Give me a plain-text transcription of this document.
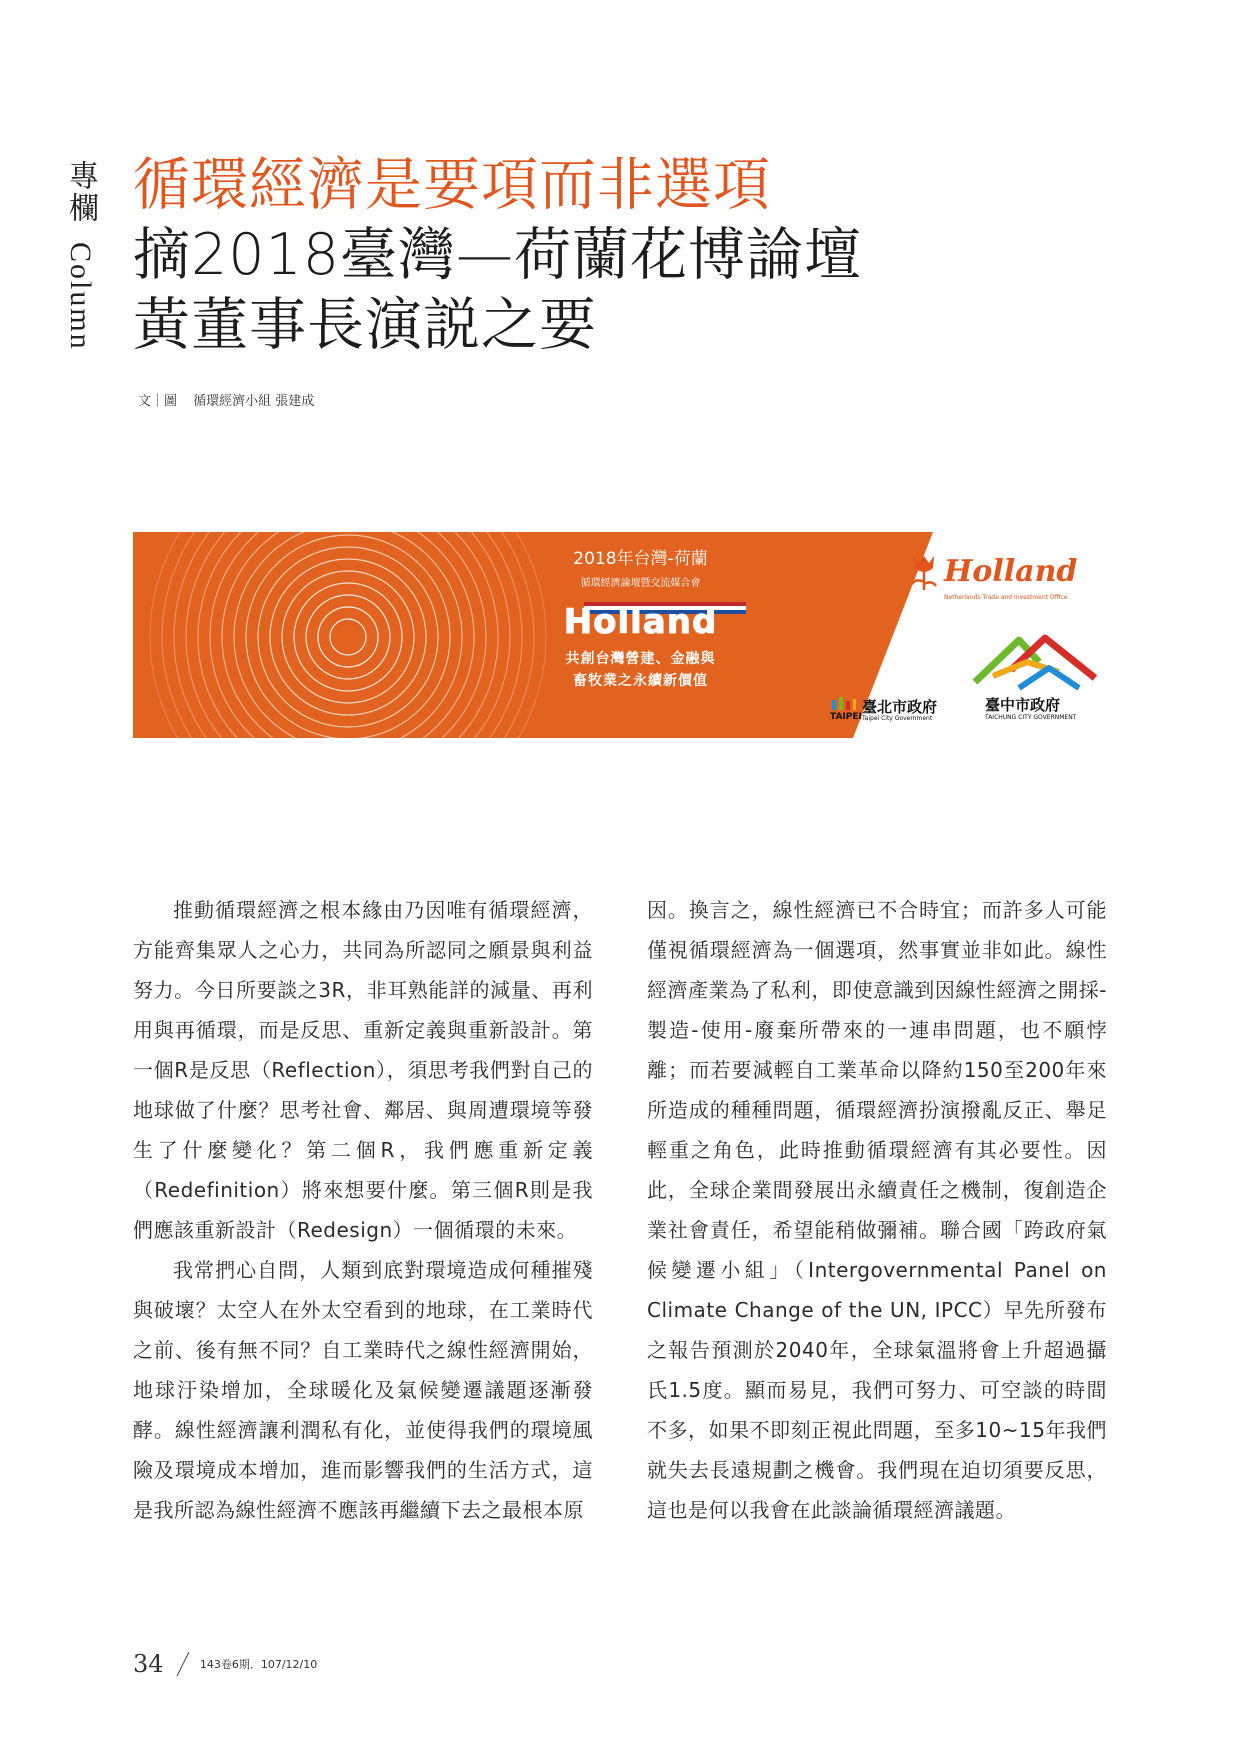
專欄 Column
循環經濟是要項而非選項
摘2018臺灣—荷蘭花博論壇
黃董事長演説之要
文｜圖 循環經濟小組 張建成
2018年台灣-荷蘭
循環經濟論壇暨交流媒合會
Holland
共創台灣營建、金融與
畜牧業之永續新價值
Holland
Netherlands Trade and Investment Office
臺中市政府
TAICHUNG CITY GOVERNMENT
TAIPEI
臺北市政府
Taipei City Government

推動循環經濟之根本緣由乃因唯有循環經濟，方能齊集眾人之心力，共同為所認同之願景與利益努力。今日所要談之3R，非耳熟能詳的減量、再利用與再循環，而是反思、重新定義與重新設計。第一個R是反思（Reflection），須思考我們對自己的地球做了什麼？思考社會、鄰居、與周遭環境等發生了什麼變化？第二個R，我們應重新定義（Redefinition）將來想要什麼。第三個R則是我們應該重新設計（Redesign）一個循環的未來。

我常捫心自問，人類到底對環境造成何種摧殘與破壞？太空人在外太空看到的地球，在工業時代之前、後有無不同？自工業時代之線性經濟開始，地球汙染增加，全球暖化及氣候變遷議題逐漸發酵。線性經濟讓利潤私有化，並使得我們的環境風險及環境成本增加，進而影響我們的生活方式，這是我所認為線性經濟不應該再繼續下去之最根本原

因。換言之，線性經濟已不合時宜；而許多人可能僅視循環經濟為一個選項，然事實並非如此。線性經濟產業為了私利，即使意識到因線性經濟之開採-製造-使用-廢棄所帶來的一連串問題，也不願悖離；而若要減輕自工業革命以降約150至200年來所造成的種種問題，循環經濟扮演撥亂反正、舉足輕重之角色，此時推動循環經濟有其必要性。因此，全球企業間發展出永續責任之機制，復創造企業社會責任，希望能稍做彌補。聯合國「跨政府氣候變遷小組」（Intergovernmental Panel on Climate Change of the UN, IPCC）早先所發布之報告預測於2040年，全球氣溫將會上升超過攝氏1.5度。顯而易見，我們可努力、可空談的時間不多，如果不即刻正視此問題，至多10~15年我們就失去長遠規劃之機會。我們現在迫切須要反思，這也是何以我會在此談論循環經濟議題。

34	143卷6期．107/12/10
